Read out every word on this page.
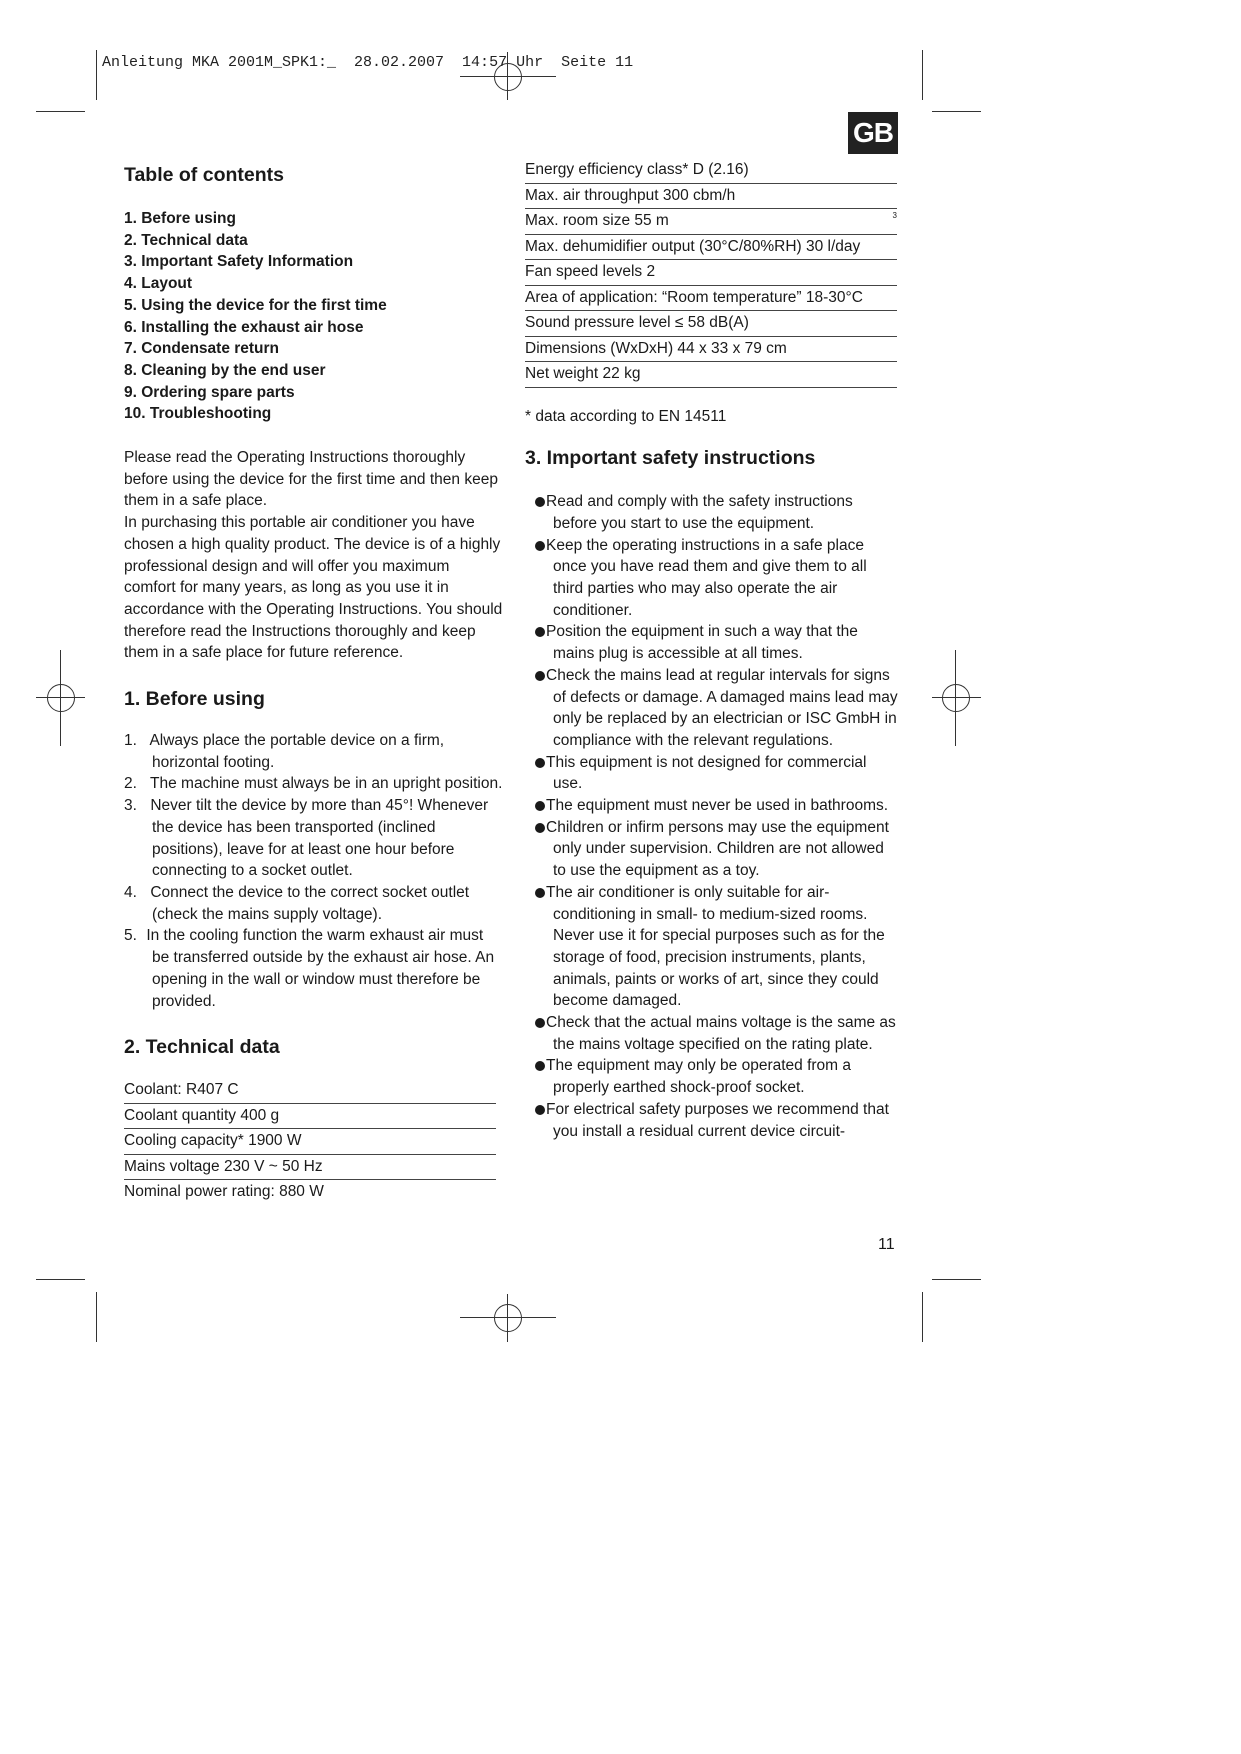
Anleitung MKA 2001M_SPK1:_  28.02.2007  14:57 Uhr  Seite 11
GB
Table of contents
1. Before using
2. Technical data
3. Important Safety Information
4. Layout
5. Using the device for the first time
6. Installing the exhaust air hose
7. Condensate return
8. Cleaning by the end user
9. Ordering spare parts
10. Troubleshooting

Please read the Operating Instructions thoroughly before using the device for the first time and then keep them in a safe place.

In purchasing this portable air conditioner you have chosen a high quality product. The device is of a highly professional design and will offer you maximum comfort for many years, as long as you use it in accordance with the Operating Instructions. You should therefore read the Instructions thoroughly and keep them in a safe place for future reference.

1. Before using
1. Always place the portable device on a firm, horizontal footing.
2. The machine must always be in an upright position.
3. Never tilt the device by more than 45°! Whenever the device has been transported (inclined positions), leave for at least one hour before connecting to a socket outlet.
4. Connect the device to the correct socket outlet (check the mains supply voltage).
5. In the cooling function the warm exhaust air must be transferred outside by the exhaust air hose. An opening in the wall or window must therefore be provided.
2. Technical data
Coolant: R407 C
Coolant quantity 400 g
Cooling capacity* 1900 W
Mains voltage 230 V ~ 50 Hz
Nominal power rating: 880 W
Energy efficiency class* D (2.16)
Max. air throughput 300 cbm/h
Max. room size 55 m	3

Max. dehumidifier output (30°C/80%RH) 30 l/day
Fan speed levels 2
Area of application: “Room temperature” 18-30°C
Sound pressure level ≤ 58 dB(A)
Dimensions (WxDxH) 44 x 33 x 79 cm
Net weight 22 kg

* data according to EN 14511

3. Important safety instructions
Read and comply with the safety instructions before you start to use the equipment.
Keep the operating instructions in a safe place once you have read them and give them to all third parties who may also operate the air conditioner.
Position the equipment in such a way that the mains plug is accessible at all times.
Check the mains lead at regular intervals for signs of defects or damage. A damaged mains lead may only be replaced by an electrician or ISC GmbH in compliance with the relevant regulations.
This equipment is not designed for commercial use.
The equipment must never be used in bathrooms.
Children or infirm persons may use the equipment only under supervision. Children are not allowed to use the equipment as a toy.
The air conditioner is only suitable for air-conditioning in small- to medium-sized rooms. Never use it for special purposes such as for the storage of food, precision instruments, plants, animals, paints or works of art, since they could become damaged.
Check that the actual mains voltage is the same as the mains voltage specified on the rating plate.
The equipment may only be operated from a properly earthed shock-proof socket.
For electrical safety purposes we recommend that you install a residual current device circuit-
11
